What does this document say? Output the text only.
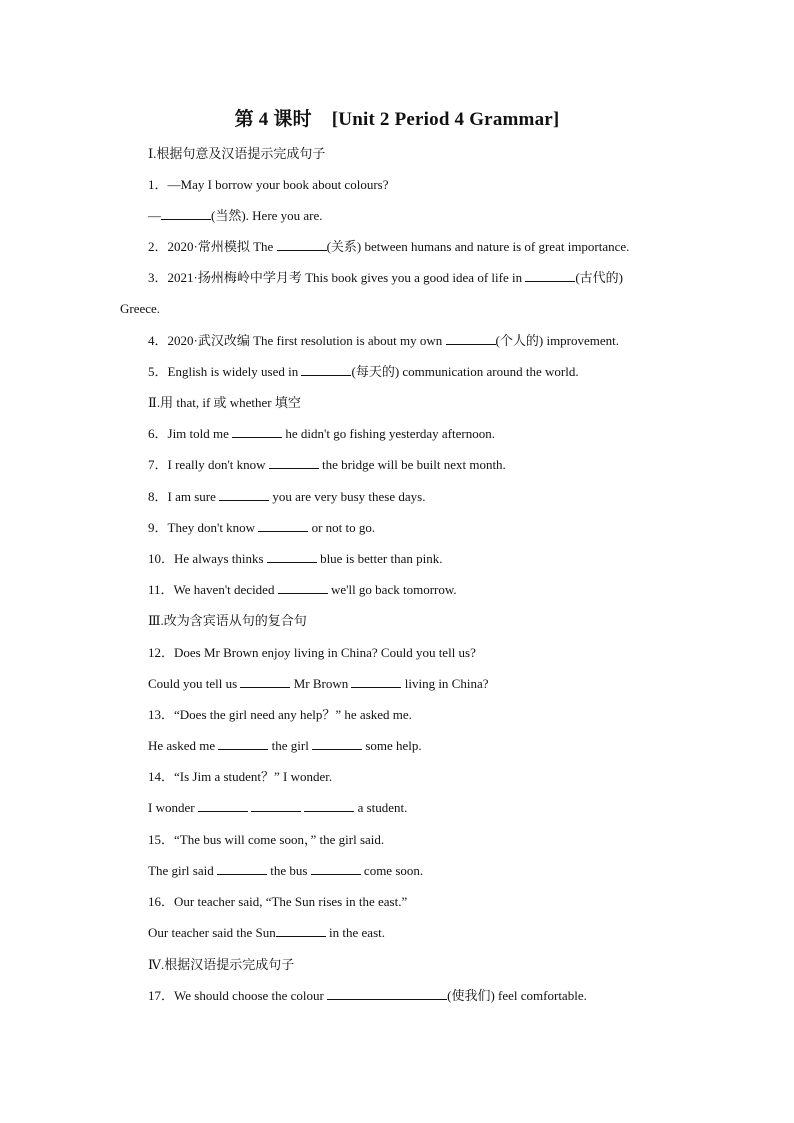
第 4 课时 [Unit 2 Period 4 Grammar]
Ⅰ.根据句意及汉语提示完成句子
1．—May I borrow your book about colours?
—	(当然). Here you are.
2．2020·常州模拟 The	(关系) between humans and nature is of great importance.
3．2021·扬州梅岭中学月考 This book gives you a good idea of life in	(古代的)
Greece.
4．2020·武汉改编 The first resolution is about my own	(个人的) improvement.
5．English is widely used in	(每天的) communication around the world.
Ⅱ.用 that, if 或 whether 填空
6．Jim told me	he didn't go fishing yesterday afternoon.
7．I really don't know	the bridge will be built next month.
8．I am sure	you are very busy these days.
9．They don't know	or not to go.
10．He always thinks	blue is better than pink.
11．We haven't decided	we'll go back tomorrow.
Ⅲ.改为含宾语从句的复合句
12．Does Mr Brown enjoy living in China? Could you tell us?
Could you tell us	Mr Brown	living in China?
13．“Does the girl need any help？” he asked me.
He asked me	the girl	some help.
14．“Is Jim a student？” I wonder.
I wonder	a student.
15．“The bus will come soon，” the girl said.
The girl said	the bus	come soon.
16．Our teacher said, “The Sun rises in the east.”
Our teacher said the Sun	in the east.
Ⅳ.根据汉语提示完成句子
17．We should choose the colour	(使我们) feel comfortable.
